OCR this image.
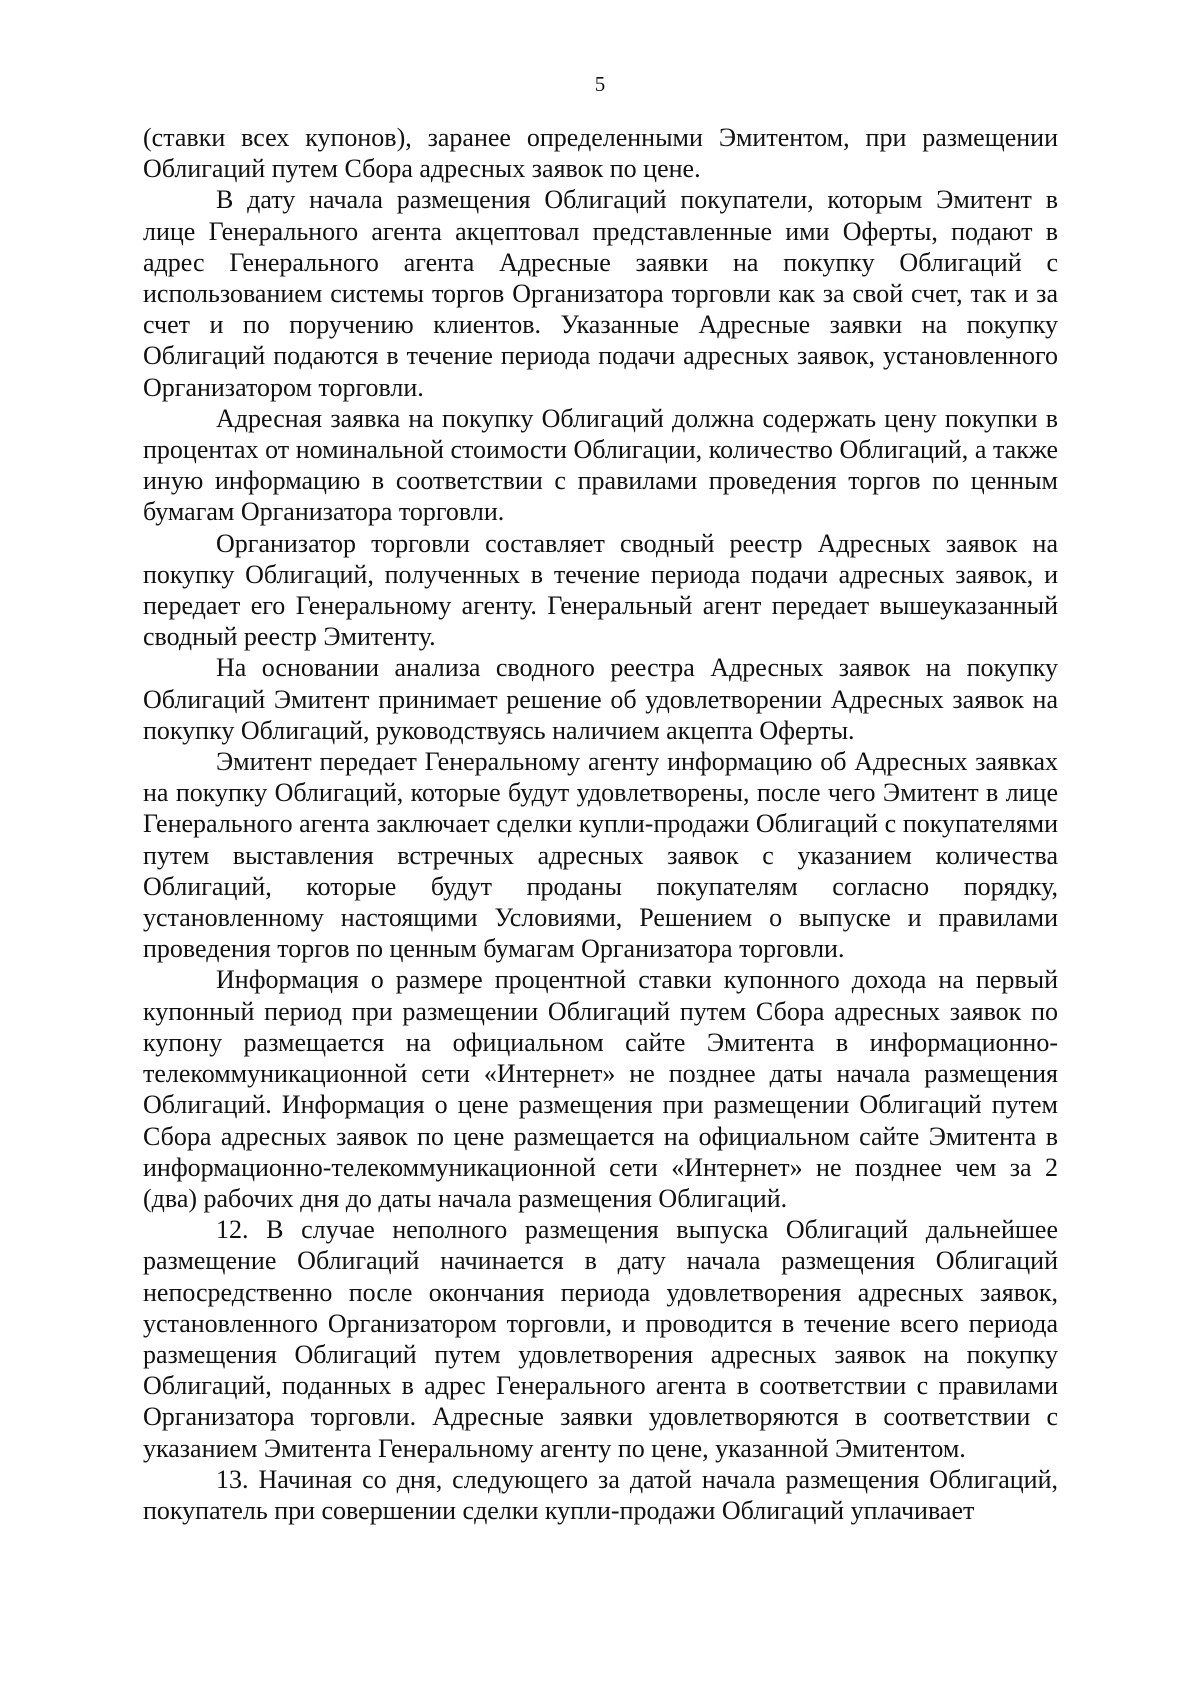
5

(ставки всех купонов), заранее определенными Эмитентом, при размещении Облигаций путем Сбора адресных заявок по цене.

В дату начала размещения Облигаций покупатели, которым Эмитент в лице Генерального агента акцептовал представленные ими Оферты, подают в адрес Генерального агента Адресные заявки на покупку Облигаций с использованием системы торгов Организатора торговли как за свой счет, так и за счет и по поручению клиентов. Указанные Адресные заявки на покупку Облигаций подаются в течение периода подачи адресных заявок, установленного Организатором торговли.

Адресная заявка на покупку Облигаций должна содержать цену покупки в процентах от номинальной стоимости Облигации, количество Облигаций, а также иную информацию в соответствии с правилами проведения торгов по ценным бумагам Организатора торговли.

Организатор торговли составляет сводный реестр Адресных заявок на покупку Облигаций, полученных в течение периода подачи адресных заявок, и передает его Генеральному агенту. Генеральный агент передает вышеуказанный сводный реестр Эмитенту.

На основании анализа сводного реестра Адресных заявок на покупку Облигаций Эмитент принимает решение об удовлетворении Адресных заявок на покупку Облигаций, руководствуясь наличием акцепта Оферты.

Эмитент передает Генеральному агенту информацию об Адресных заявках на покупку Облигаций, которые будут удовлетворены, после чего Эмитент в лице Генерального агента заключает сделки купли-продажи Облигаций с покупателями путем выставления встречных адресных заявок с указанием количества Облигаций, которые будут проданы покупателям согласно порядку, установленному настоящими Условиями, Решением о выпуске и правилами проведения торгов по ценным бумагам Организатора торговли.

Информация о размере процентной ставки купонного дохода на первый купонный период при размещении Облигаций путем Сбора адресных заявок по купону размещается на официальном сайте Эмитента в информационно-телекоммуникационной сети «Интернет» не позднее даты начала размещения Облигаций. Информация о цене размещения при размещении Облигаций путем Сбора адресных заявок по цене размещается на официальном сайте Эмитента в информационно-телекоммуникационной сети «Интернет» не позднее чем за 2 (два) рабочих дня до даты начала размещения Облигаций.

12. В случае неполного размещения выпуска Облигаций дальнейшее размещение Облигаций начинается в дату начала размещения Облигаций непосредственно после окончания периода удовлетворения адресных заявок, установленного Организатором торговли, и проводится в течение всего периода размещения Облигаций путем удовлетворения адресных заявок на покупку Облигаций, поданных в адрес Генерального агента в соответствии с правилами Организатора торговли. Адресные заявки удовлетворяются в соответствии с указанием Эмитента Генеральному агенту по цене, указанной Эмитентом.

13. Начиная со дня, следующего за датой начала размещения Облигаций, покупатель при совершении сделки купли-продажи Облигаций уплачивает
